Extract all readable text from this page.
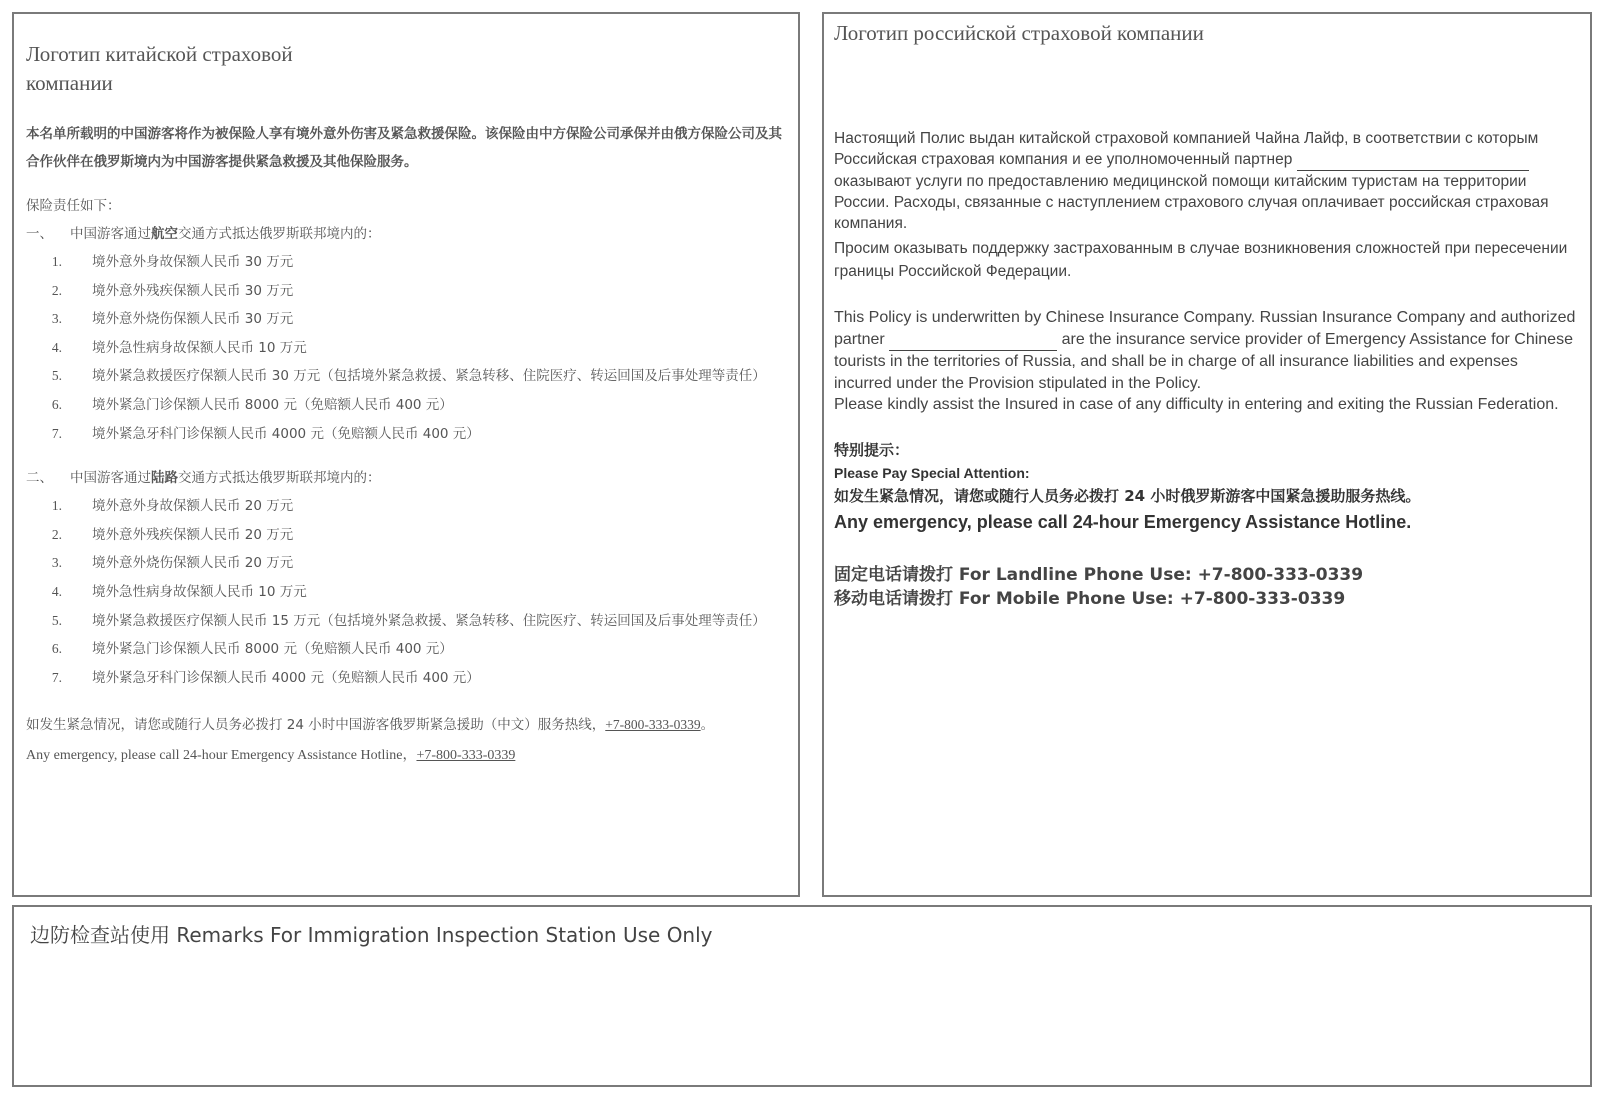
Логотип китайской страховой компании
本名单所载明的中国游客将作为被保险人享有境外意外伤害及紧急救援保险。该保险由中方保险公司承保并由俄方保险公司及其合作伙伴在俄罗斯境内为中国游客提供紧急救援及其他保险服务。
保险责任如下：
一、	中国游客通过航空交通方式抵达俄罗斯联邦境内的：
1.	境外意外身故保额人民币 30 万元
2.	境外意外残疾保额人民币 30 万元
3.	境外意外烧伤保额人民币 30 万元
4.	境外急性病身故保额人民币 10 万元
5.	境外紧急救援医疗保额人民币 30 万元（包括境外紧急救援、紧急转移、住院医疗、转运回国及后事处理等责任）
6.	境外紧急门诊保额人民币 8000 元（免赔额人民币 400 元）
7.	境外紧急牙科门诊保额人民币 4000 元（免赔额人民币 400 元）
二、	中国游客通过陆路交通方式抵达俄罗斯联邦境内的：
1.	境外意外身故保额人民币 20 万元
2.	境外意外残疾保额人民币 20 万元
3.	境外意外烧伤保额人民币 20 万元
4.	境外急性病身故保额人民币 10 万元
5.	境外紧急救援医疗保额人民币 15 万元（包括境外紧急救援、紧急转移、住院医疗、转运回国及后事处理等责任）
6.	境外紧急门诊保额人民币 8000 元（免赔额人民币 400 元）
7.	境外紧急牙科门诊保额人民币 4000 元（免赔额人民币 400 元）
如发生紧急情况，请您或随行人员务必拨打 24 小时中国游客俄罗斯紧急援助（中文）服务热线，+7-800-333-0339。
Any emergency, please call 24-hour Emergency Assistance Hotline，+7-800-333-0339
Логотип российской страховой компании
Настоящий Полис выдан китайской страховой компанией Чайна Лайф, в соответствии с которым Российская страховая компания и ее уполномоченный партнер   оказывают услуги по предоставлению медицинской помощи китайским туристам на территории России. Расходы, связанные с наступлением страхового случая оплачивает российская страховая компания.
Просим оказывать поддержку застрахованным в случае возникновения сложностей при пересечении границы Российской Федерации.
This Policy is underwritten by Chinese Insurance Company. Russian Insurance Company and authorized partner	are the insurance service provider of Emergency Assistance for Chinese tourists in the territories of Russia, and shall be in charge of all insurance liabilities and expenses incurred under the Provision stipulated in the Policy.
Please kindly assist the Insured in case of any difficulty in entering and exiting the Russian Federation.
特别提示：
Please Pay Special Attention:
如发生紧急情况，请您或随行人员务必拨打 24 小时俄罗斯游客中国紧急援助服务热线。
Any emergency, please call 24-hour Emergency Assistance Hotline.
固定电话请拨打 For Landline Phone Use: +7-800-333-0339
移动电话请拨打 For Mobile Phone Use: +7-800-333-0339
边防检查站使用 Remarks For Immigration Inspection Station Use Only
